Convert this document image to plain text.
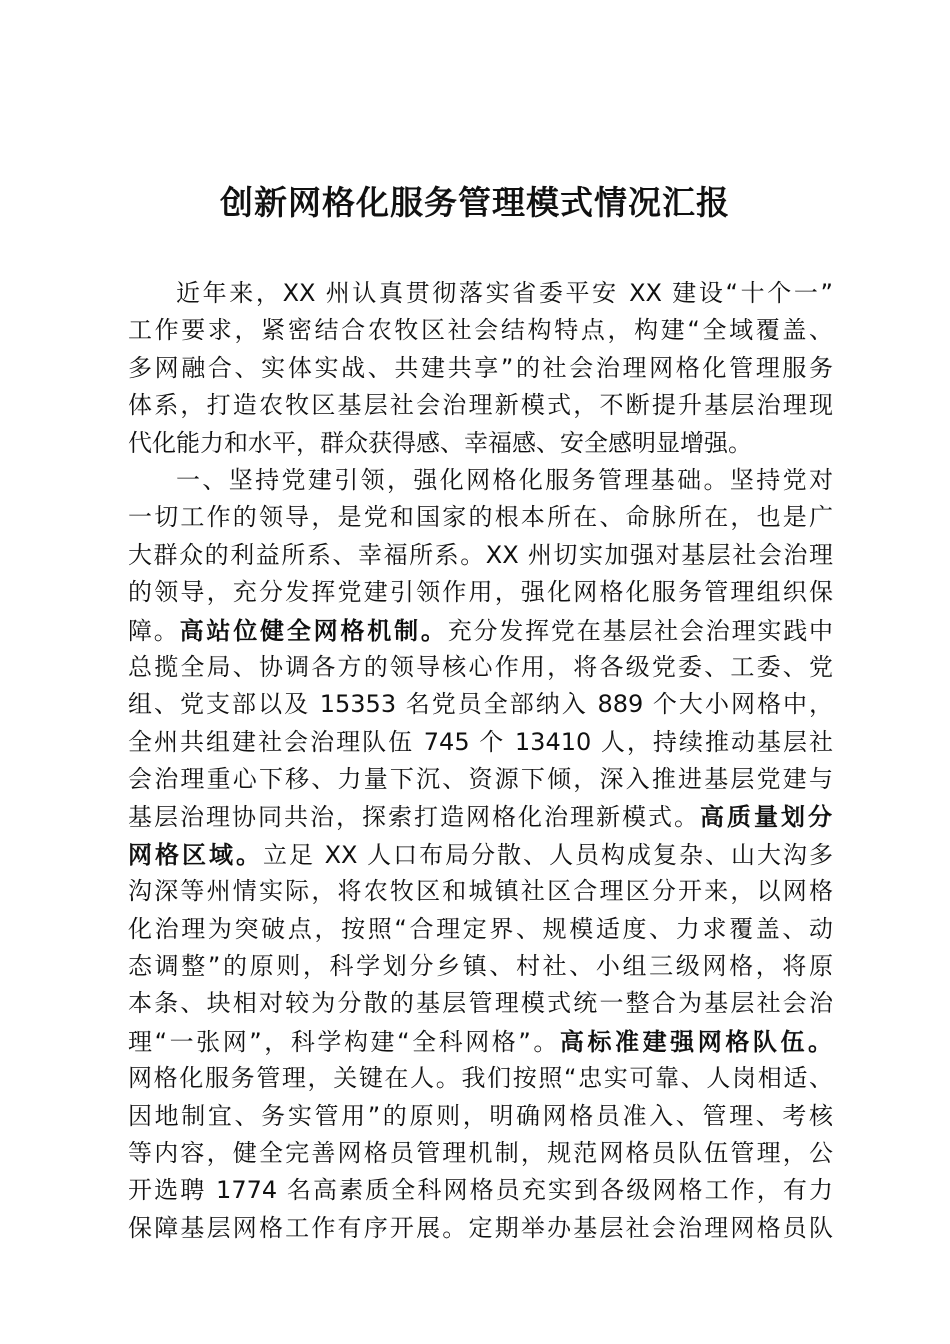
创新网格化服务管理模式情况汇报
近年来，XX 州认真贯彻落实省委平安 XX 建设“十个一”
工作要求，紧密结合农牧区社会结构特点，构建“全域覆盖、
多网融合、实体实战、共建共享”的社会治理网格化管理服务
体系，打造农牧区基层社会治理新模式，不断提升基层治理现
代化能力和水平，群众获得感、幸福感、安全感明显增强。
一、坚持党建引领，强化网格化服务管理基础。坚持党对
一切工作的领导，是党和国家的根本所在、命脉所在，也是广
大群众的利益所系、幸福所系。XX 州切实加强对基层社会治理
的领导，充分发挥党建引领作用，强化网格化服务管理组织保
障。高站位健全网格机制。充分发挥党在基层社会治理实践中
总揽全局、协调各方的领导核心作用，将各级党委、工委、党
组、党支部以及 15353 名党员全部纳入 889 个大小网格中，
全州共组建社会治理队伍 745 个 13410 人，持续推动基层社
会治理重心下移、力量下沉、资源下倾，深入推进基层党建与
基层治理协同共治，探索打造网格化治理新模式。高质量划分
网格区域。立足 XX 人口布局分散、人员构成复杂、山大沟多
沟深等州情实际，将农牧区和城镇社区合理区分开来，以网格
化治理为突破点，按照“合理定界、规模适度、力求覆盖、动
态调整”的原则，科学划分乡镇、村社、小组三级网格，将原
本条、块相对较为分散的基层管理模式统一整合为基层社会治
理“一张网”，科学构建“全科网格”。高标准建强网格队伍。
网格化服务管理，关键在人。我们按照“忠实可靠、人岗相适、
因地制宜、务实管用”的原则，明确网格员准入、管理、考核
等内容，健全完善网格员管理机制，规范网格员队伍管理，公
开选聘 1774 名高素质全科网格员充实到各级网格工作，有力
保障基层网格工作有序开展。定期举办基层社会治理网格员队
